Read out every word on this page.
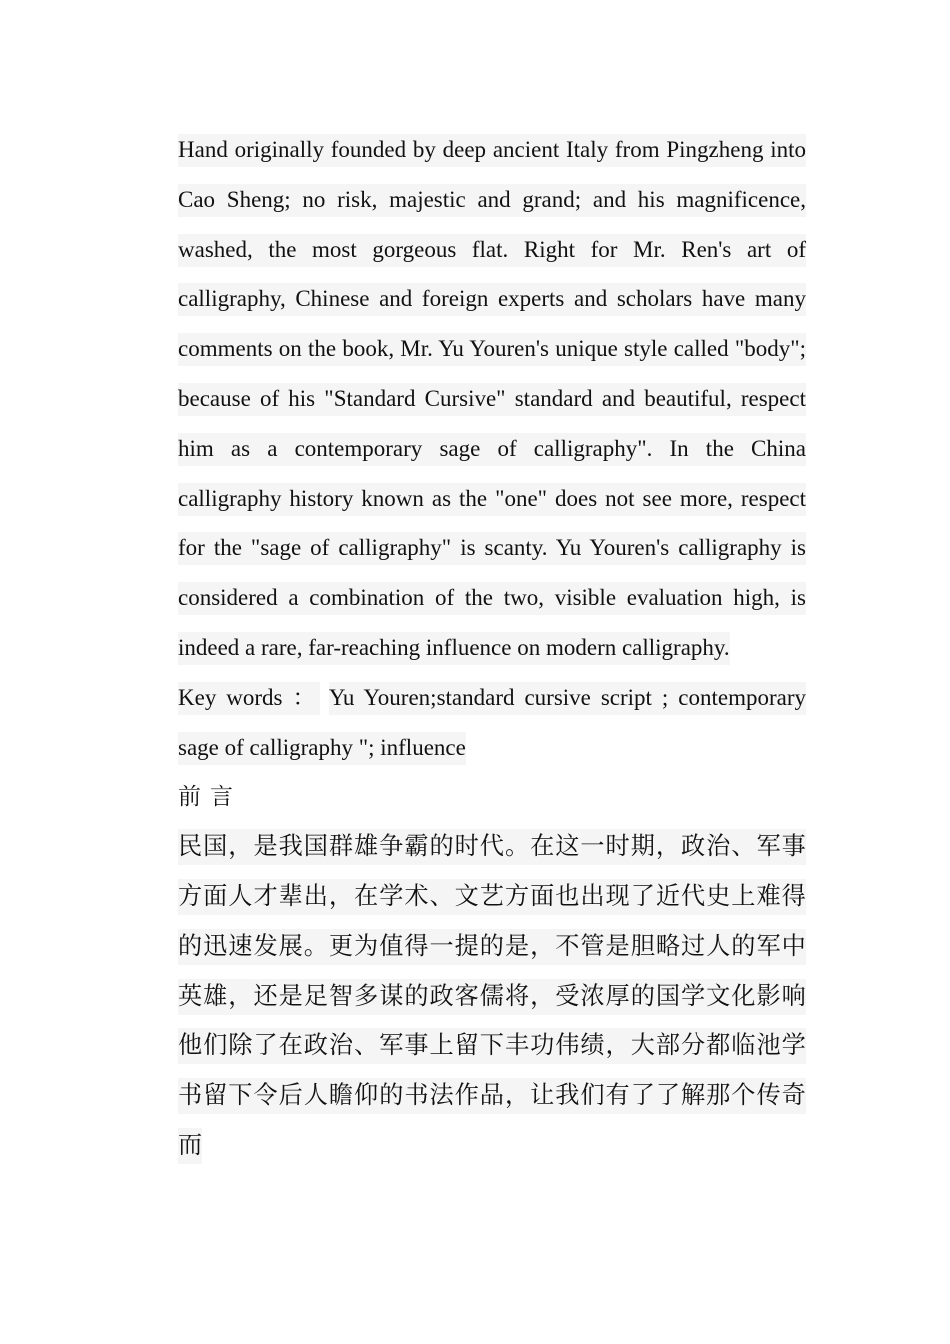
Hand originally founded by deep ancient Italy from Pingzheng into Cao Sheng; no risk, majestic and grand; and his magnificence, washed, the most gorgeous flat. Right for Mr. Ren's art of calligraphy, Chinese and foreign experts and scholars have many comments on the book, Mr. Yu Youren's unique style called "body"; because of his "Standard Cursive" standard and beautiful, respect him as a contemporary sage of calligraphy". In the China calligraphy history known as the "one" does not see more, respect for the "sage of calligraphy" is scanty. Yu Youren's calligraphy is considered a combination of the two, visible evaluation high, is indeed a rare, far-reaching influence on modern calligraphy.

Key words ： Yu Youren;standard cursive script ; contemporary sage of calligraphy "; influence

前言

民国，是我国群雄争霸的时代。在这一时期，政治、军事方面人才辈出，在学术、文艺方面也出现了近代史上难得的迅速发展。更为值得一提的是，不管是胆略过人的军中英雄，还是足智多谋的政客儒将，受浓厚的国学文化影响他们除了在政治、军事上留下丰功伟绩，大部分都临池学书留下令后人瞻仰的书法作品，让我们有了了解那个传奇而
